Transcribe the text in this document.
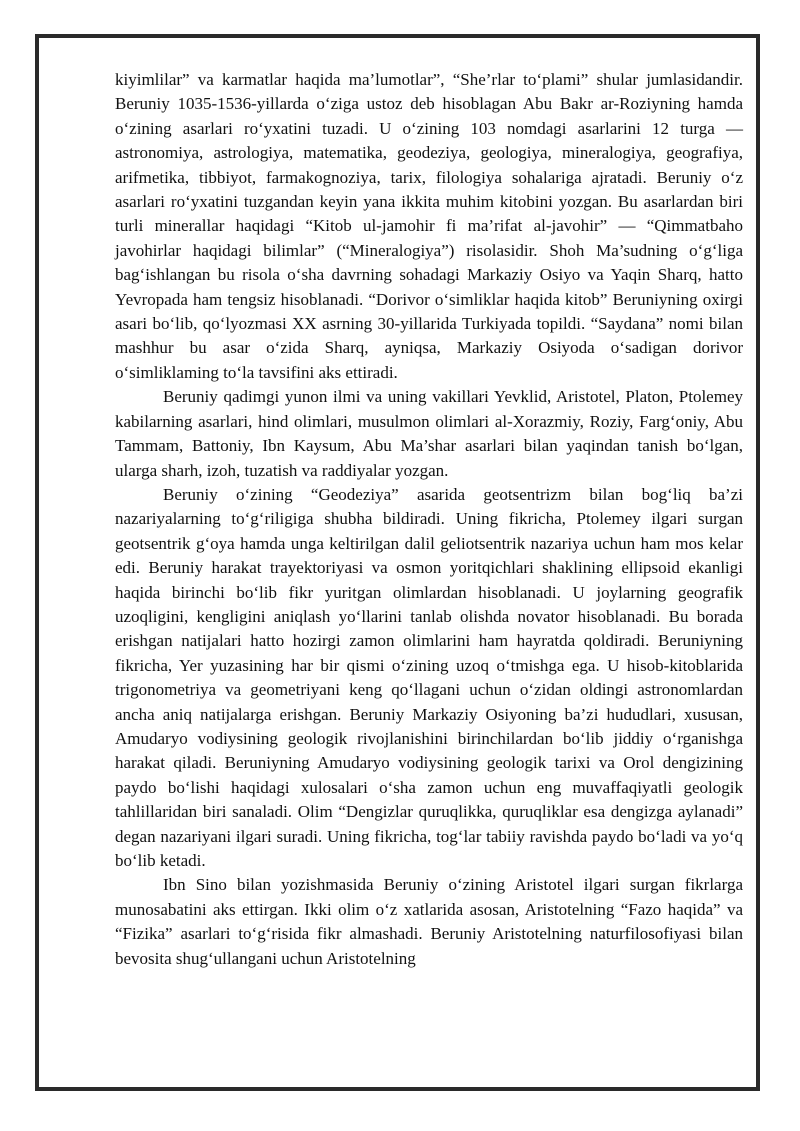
kiyimlilar” va karmatlar haqida ma’lumotlar”, “She’rlar to‘plami” shular jumlasidandir. Beruniy 1035-1536-yillarda o‘ziga ustoz deb hisoblagan Abu Bakr ar-Roziyning hamda o‘zining asarlari ro‘yxatini tuzadi. U o‘zining 103 nomdagi asarlarini 12 turga — astronomiya, astrologiya, matematika, geodeziya, geologiya, mineralogiya, geografiya, arifmetika, tibbiyot, farmakognoziya, tarix, filologiya sohalariga ajratadi. Beruniy o‘z asarlari ro‘yxatini tuzgandan keyin yana ikkita muhim kitobini yozgan. Bu asarlardan biri turli minerallar haqidagi “Kitob ul-jamohir fi ma’rifat al-javohir” — “Qimmatbaho javohirlar haqidagi bilimlar” (“Mineralogiya”) risolasidir. Shoh Ma’sudning o‘g‘liga bag‘ishlangan bu risola o‘sha davrning sohadagi Markaziy Osiyo va Yaqin Sharq, hatto Yevropada ham tengsiz hisoblanadi. “Dorivor o‘simliklar haqida kitob” Beruniyning oxirgi asari bo‘lib, qo‘lyozmasi XX asrning 30-yillarida Turkiyada topildi. “Saydana” nomi bilan mashhur bu asar o‘zida Sharq, ayniqsa, Markaziy Osiyoda o‘sadigan dorivor o‘simliklaming to‘la tavsifini aks ettiradi.

Beruniy qadimgi yunon ilmi va uning vakillari Yevklid, Aristotel, Platon, Ptolemey kabilarning asarlari, hind olimlari, musulmon olimlari al-Xorazmiy, Roziy, Farg‘oniy, Abu Tammam, Battoniy, Ibn Kaysum, Abu Ma’shar asarlari bilan yaqindan tanish bo‘lgan, ularga sharh, izoh, tuzatish va raddiyalar yozgan.

Beruniy o‘zining “Geodeziya” asarida geotsentrizm bilan bog‘liq ba’zi nazariyalarning to‘g‘riligiga shubha bildiradi. Uning fikricha, Ptolemey ilgari surgan geotsentrik g‘oya hamda unga keltirilgan dalil geliotsentrik nazariya uchun ham mos kelar edi. Beruniy harakat trayektoriyasi va osmon yoritqichlari shaklining ellipsoid ekanligi haqida birinchi bo‘lib fikr yuritgan olimlardan hisoblanadi. U joylarning geografik uzoqligini, kengligini aniqlash yo‘llarini tanlab olishda novator hisoblanadi. Bu borada erishgan natijalari hatto hozirgi zamon olimlarini ham hayratda qoldiradi. Beruniyning fikricha, Yer yuzasining har bir qismi o‘zining uzoq o‘tmishga ega. U hisob-kitoblarida trigonometriya va geometriyani keng qo‘llagani uchun o‘zidan oldingi astronomlardan ancha aniq natijalarga erishgan. Beruniy Markaziy Osiyoning ba’zi hududlari, xususan, Amudaryo vodiysining geologik rivojlanishini birinchilardan bo‘lib jiddiy o‘rganishga harakat qiladi. Beruniyning Amudaryo vodiysining geologik tarixi va Orol dengizining paydo bo‘lishi haqidagi xulosalari o‘sha zamon uchun eng muvaffaqiyatli geologik tahlillaridan biri sanaladi. Olim “Dengizlar quruqlikka, quruqliklar esa dengizga aylanadi” degan nazariyani ilgari suradi. Uning fikricha, tog‘lar tabiiy ravishda paydo bo‘ladi va yo‘q bo‘lib ketadi.

Ibn Sino bilan yozishmasida Beruniy o‘zining Aristotel ilgari surgan fikrlarga munosabatini aks ettirgan. Ikki olim o‘z xatlarida asosan, Aristotelning “Fazo haqida” va “Fizika” asarlari to‘g‘risida fikr almashadi. Beruniy Aristotelning naturfilosofiyasi bilan bevosita shug‘ullangani uchun Aristotelning
